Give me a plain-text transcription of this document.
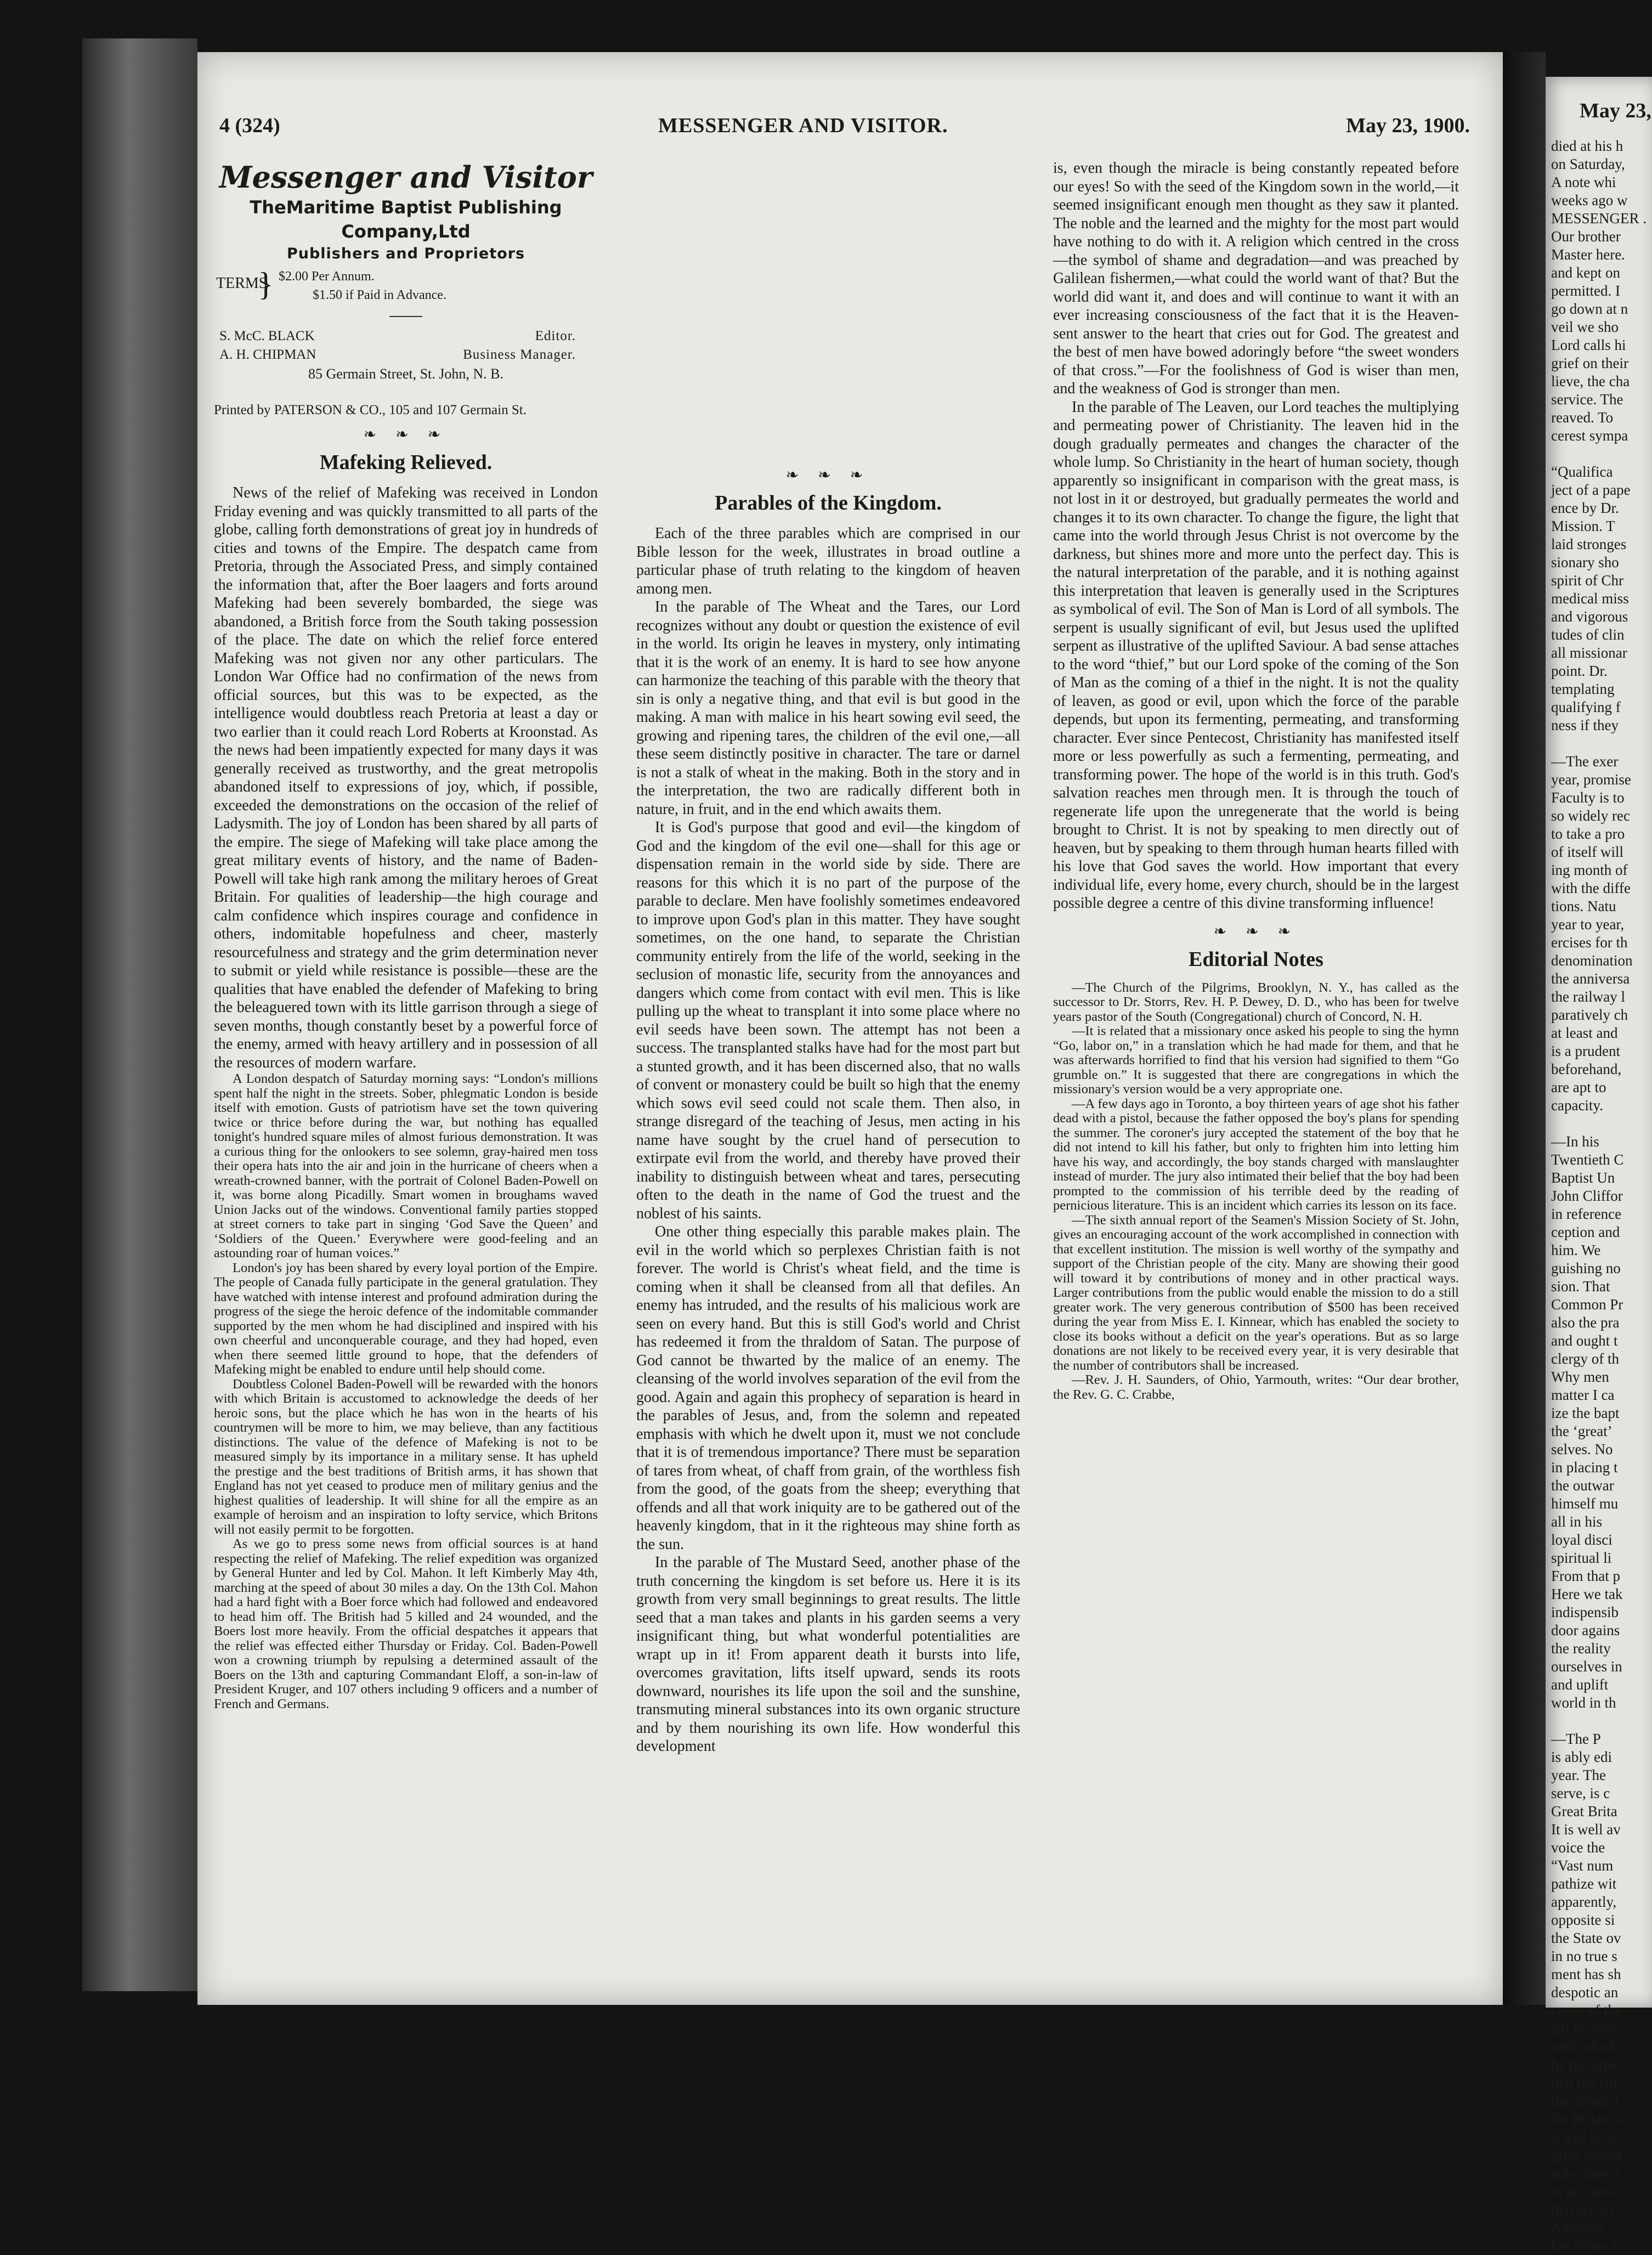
4 (324)	MESSENGER AND VISITOR.	May 23, 1900.
Messenger and Visitor
TheMaritime Baptist Publishing Company,Ltd
Publishers and Proprietors
TERMS
} $2.00 Per Annum.
$1.50 if Paid in Advance.
S. McC. BLACK	Editor.
A. H. CHIPMAN	Business Manager.
85 Germain Street, St. John, N. B.
Printed by PATERSON & CO., 105 and 107 Germain St.
❧ ❧ ❧
Mafeking Relieved.

News of the relief of Mafeking was received in London Friday evening and was quickly transmitted to all parts of the globe, calling forth demonstrations of great joy in hundreds of cities and towns of the Empire. The despatch came from Pretoria, through the Associated Press, and simply contained the information that, after the Boer laagers and forts around Mafeking had been severely bombarded, the siege was abandoned, a British force from the South taking possession of the place. The date on which the relief force entered Mafeking was not given nor any other particulars. The London War Office had no confirmation of the news from official sources, but this was to be expected, as the intelligence would doubtless reach Pretoria at least a day or two earlier than it could reach Lord Roberts at Kroonstad. As the news had been impatiently expected for many days it was generally received as trustworthy, and the great metropolis abandoned itself to expressions of joy, which, if possible, exceeded the demonstrations on the occasion of the relief of Ladysmith. The joy of London has been shared by all parts of the empire. The siege of Mafeking will take place among the great military events of history, and the name of Baden-Powell will take high rank among the military heroes of Great Britain. For qualities of leadership—the high courage and calm confidence which inspires courage and confidence in others, indomitable hopefulness and cheer, masterly resourcefulness and strategy and the grim determination never to submit or yield while resistance is possible—these are the qualities that have enabled the defender of Mafeking to bring the beleaguered town with its little garrison through a siege of seven months, though constantly beset by a powerful force of the enemy, armed with heavy artillery and in possession of all the resources of modern warfare.

A London despatch of Saturday morning says: “London's millions spent half the night in the streets. Sober, phlegmatic London is beside itself with emotion. Gusts of patriotism have set the town quivering twice or thrice before during the war, but nothing has equalled tonight's hundred square miles of almost furious demonstration. It was a curious thing for the onlookers to see solemn, gray-haired men toss their opera hats into the air and join in the hurricane of cheers when a wreath-crowned banner, with the portrait of Colonel Baden-Powell on it, was borne along Picadilly. Smart women in broughams waved Union Jacks out of the windows. Conventional family parties stopped at street corners to take part in singing ‘God Save the Queen’ and ‘Soldiers of the Queen.’ Everywhere were good-feeling and an astounding roar of human voices.”

London's joy has been shared by every loyal portion of the Empire. The people of Canada fully participate in the general gratulation. They have watched with intense interest and profound admiration during the progress of the siege the heroic defence of the indomitable commander supported by the men whom he had disciplined and inspired with his own cheerful and unconquerable courage, and they had hoped, even when there seemed little ground to hope, that the defenders of Mafeking might be enabled to endure until help should come.

Doubtless Colonel Baden-Powell will be rewarded with the honors with which Britain is accustomed to acknowledge the deeds of her heroic sons, but the place which he has won in the hearts of his countrymen will be more to him, we may believe, than any factitious distinctions. The value of the defence of Mafeking is not to be measured simply by its importance in a military sense. It has upheld the prestige and the best traditions of British arms, it has shown that England has not yet ceased to produce men of military genius and the highest qualities of leadership. It will shine for all the empire as an example of heroism and an inspiration to lofty service, which Britons will not easily permit to be forgotten.

As we go to press some news from official sources is at hand respecting the relief of Mafeking. The relief expedition was organized by General Hunter and led by Col. Mahon. It left Kimberly May 4th, marching at the speed of about 30 miles a day. On the 13th Col. Mahon had a hard fight with a Boer force which had followed and endeavored to head him off. The British had 5 killed and 24 wounded, and the Boers lost more heavily. From the official despatches it appears that the relief was effected either Thursday or Friday. Col. Baden-Powell won a crowning triumph by repulsing a determined assault of the Boers on the 13th and capturing Commandant Eloff, a son-in-law of President Kruger, and 107 others including 9 officers and a number of French and Germans.

❧ ❧ ❧
Parables of the Kingdom.

Each of the three parables which are comprised in our Bible lesson for the week, illustrates in broad outline a particular phase of truth relating to the kingdom of heaven among men.

In the parable of The Wheat and the Tares, our Lord recognizes without any doubt or question the existence of evil in the world. Its origin he leaves in mystery, only intimating that it is the work of an enemy. It is hard to see how anyone can harmonize the teaching of this parable with the theory that sin is only a negative thing, and that evil is but good in the making. A man with malice in his heart sowing evil seed, the growing and ripening tares, the children of the evil one,—all these seem distinctly positive in character. The tare or darnel is not a stalk of wheat in the making. Both in the story and in the interpretation, the two are radically different both in nature, in fruit, and in the end which awaits them.

It is God's purpose that good and evil—the kingdom of God and the kingdom of the evil one—shall for this age or dispensation remain in the world side by side. There are reasons for this which it is no part of the purpose of the parable to declare. Men have foolishly sometimes endeavored to improve upon God's plan in this matter. They have sought sometimes, on the one hand, to separate the Christian community entirely from the life of the world, seeking in the seclusion of monastic life, security from the annoyances and dangers which come from contact with evil men. This is like pulling up the wheat to transplant it into some place where no evil seeds have been sown. The attempt has not been a success. The transplanted stalks have had for the most part but a stunted growth, and it has been discerned also, that no walls of convent or monastery could be built so high that the enemy which sows evil seed could not scale them. Then also, in strange disregard of the teaching of Jesus, men acting in his name have sought by the cruel hand of persecution to extirpate evil from the world, and thereby have proved their inability to distinguish between wheat and tares, persecuting often to the death in the name of God the truest and the noblest of his saints.

One other thing especially this parable makes plain. The evil in the world which so perplexes Christian faith is not forever. The world is Christ's wheat field, and the time is coming when it shall be cleansed from all that defiles. An enemy has intruded, and the results of his malicious work are seen on every hand. But this is still God's world and Christ has redeemed it from the thraldom of Satan. The purpose of God cannot be thwarted by the malice of an enemy. The cleansing of the world involves separation of the evil from the good. Again and again this prophecy of separation is heard in the parables of Jesus, and, from the solemn and repeated emphasis with which he dwelt upon it, must we not conclude that it is of tremendous importance? There must be separation of tares from wheat, of chaff from grain, of the worthless fish from the good, of the goats from the sheep; everything that offends and all that work iniquity are to be gathered out of the heavenly kingdom, that in it the righteous may shine forth as the sun.

In the parable of The Mustard Seed, another phase of the truth concerning the kingdom is set before us. Here it is its growth from very small beginnings to great results. The little seed that a man takes and plants in his garden seems a very insignificant thing, but what wonderful potentialities are wrapt up in it! From apparent death it bursts into life, overcomes gravitation, lifts itself upward, sends its roots downward, nourishes its life upon the soil and the sunshine, transmuting mineral substances into its own organic structure and by them nourishing its own life. How wonderful this development

is, even though the miracle is being constantly repeated before our eyes! So with the seed of the Kingdom sown in the world,—it seemed insignificant enough men thought as they saw it planted. The noble and the learned and the mighty for the most part would have nothing to do with it. A religion which centred in the cross—the symbol of shame and degradation—and was preached by Galilean fishermen,—what could the world want of that? But the world did want it, and does and will continue to want it with an ever increasing consciousness of the fact that it is the Heaven-sent answer to the heart that cries out for God. The greatest and the best of men have bowed adoringly before “the sweet wonders of that cross.”—For the foolishness of God is wiser than men, and the weakness of God is stronger than men.

In the parable of The Leaven, our Lord teaches the multiplying and permeating power of Christianity. The leaven hid in the dough gradually permeates and changes the character of the whole lump. So Christianity in the heart of human society, though apparently so insignificant in comparison with the great mass, is not lost in it or destroyed, but gradually permeates the world and changes it to its own character. To change the figure, the light that came into the world through Jesus Christ is not overcome by the darkness, but shines more and more unto the perfect day. This is the natural interpretation of the parable, and it is nothing against this interpretation that leaven is generally used in the Scriptures as symbolical of evil. The Son of Man is Lord of all symbols. The serpent is usually significant of evil, but Jesus used the uplifted serpent as illustrative of the uplifted Saviour. A bad sense attaches to the word “thief,” but our Lord spoke of the coming of the Son of Man as the coming of a thief in the night. It is not the quality of leaven, as good or evil, upon which the force of the parable depends, but upon its fermenting, permeating, and transforming character. Ever since Pentecost, Christianity has manifested itself more or less powerfully as such a fermenting, permeating, and transforming power. The hope of the world is in this truth. God's salvation reaches men through men. It is through the touch of regenerate life upon the unregenerate that the world is being brought to Christ. It is not by speaking to men directly out of heaven, but by speaking to them through human hearts filled with his love that God saves the world. How important that every individual life, every home, every church, should be in the largest possible degree a centre of this divine transforming influence!

❧ ❧ ❧
Editorial Notes

—The Church of the Pilgrims, Brooklyn, N. Y., has called as the successor to Dr. Storrs, Rev. H. P. Dewey, D. D., who has been for twelve years pastor of the South (Congregational) church of Concord, N. H.

—It is related that a missionary once asked his people to sing the hymn “Go, labor on,” in a translation which he had made for them, and that he was afterwards horrified to find that his version had signified to them “Go grumble on.” It is suggested that there are congregations in which the missionary's version would be a very appropriate one.

—A few days ago in Toronto, a boy thirteen years of age shot his father dead with a pistol, because the father opposed the boy's plans for spending the summer. The coroner's jury accepted the statement of the boy that he did not intend to kill his father, but only to frighten him into letting him have his way, and accordingly, the boy stands charged with manslaughter instead of murder. The jury also intimated their belief that the boy had been prompted to the commission of his terrible deed by the reading of pernicious literature. This is an incident which carries its lesson on its face.

—The sixth annual report of the Seamen's Mission Society of St. John, gives an encouraging account of the work accomplished in connection with that excellent institution. The mission is well worthy of the sympathy and support of the Christian people of the city. Many are showing their good will toward it by contributions of money and in other practical ways. Larger contributions from the public would enable the mission to do a still greater work. The very generous contribution of $500 has been received during the year from Miss E. I. Kinnear, which has enabled the society to close its books without a deficit on the year's operations. But as so large donations are not likely to be received every year, it is very desirable that the number of contributors shall be increased.

—Rev. J. H. Saunders, of Ohio, Yarmouth, writes: “Our dear brother, the Rev. G. C. Crabbe,

May 23,
died at his h
on Saturday,
A note whi
weeks ago w
MESSENGER .
Our brother
Master here.
and kept on
permitted. I
go down at n
veil we sho
Lord calls hi
grief on their
lieve, the cha
service. The
reaved. To
cerest sympa
“Qualifica
ject of a pape
ence by Dr.
Mission. T
laid stronges
sionary sho
spirit of Chr
medical miss
and vigorous
tudes of clin
all missionar
point. Dr.
templating
qualifying f
ness if they
—The exer
year, promise
Faculty is to
so widely rec
to take a pro
of itself will
ing month of
with the diffe
tions. Natu
year to year,
ercises for th
denomination
the anniversa
the railway l
paratively ch
at least and
is a prudent
beforehand,
are apt to
capacity.
—In his
Twentieth C
Baptist Un
John Cliffor
in reference
ception and
him. We
guishing no
sion. That
Common Pr
also the pra
and ought t
clergy of th
Why men
matter I ca
ize the bapt
the ‘great’
selves. No
in placing t
the outwar
himself mu
all in his
loyal disci
spiritual li
From that p
Here we tak
indispensib
door agains
the reality
ourselves in
and uplift
world in th
—The P
is ably edi
year. The
serve, is c
Great Brita
It is well av
voice the
“Vast num
pathize wit
apparently,
opposite si
the State ov
in no true s
ment has sh
despotic an
cause of the
led by a na
with which
by the othe
that the Un
the greatest
for Britain a
it will be a
great nation
side, drawn
to us, unwo
that are ho
America.
her either a
